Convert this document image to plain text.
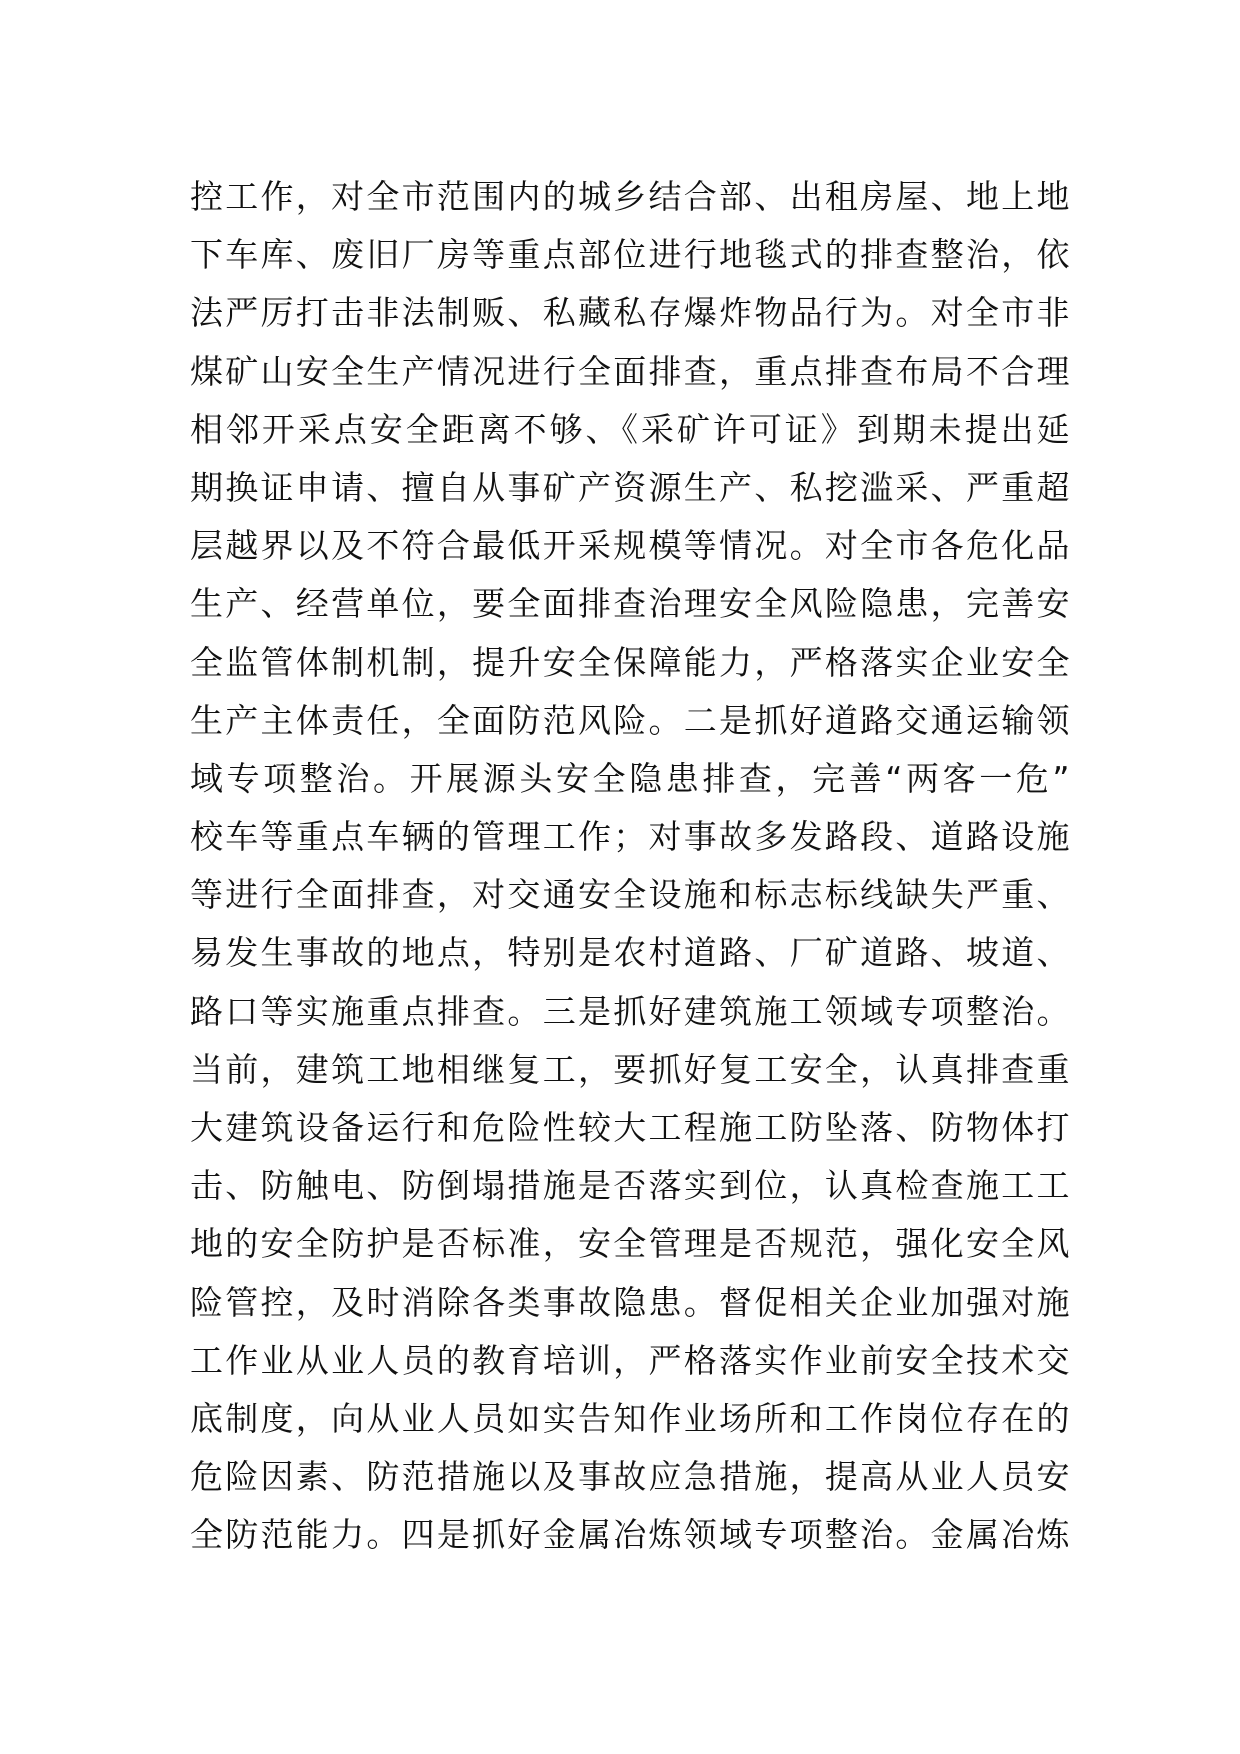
控工作，对全市范围内的城乡结合部、出租房屋、地上地
下车库、废旧厂房等重点部位进行地毯式的排查整治，依
法严厉打击非法制贩、私藏私存爆炸物品行为。对全市非
煤矿山安全生产情况进行全面排查，重点排查布局不合理
相邻开采点安全距离不够、《采矿许可证》到期未提出延
期换证申请、擅自从事矿产资源生产、私挖滥采、严重超
层越界以及不符合最低开采规模等情况。对全市各危化品
生产、经营单位，要全面排查治理安全风险隐患，完善安
全监管体制机制，提升安全保障能力，严格落实企业安全
生产主体责任，全面防范风险。二是抓好道路交通运输领
域专项整治。开展源头安全隐患排查，完善“两客一危”
校车等重点车辆的管理工作；对事故多发路段、道路设施
等进行全面排查，对交通安全设施和标志标线缺失严重、
易发生事故的地点，特别是农村道路、厂矿道路、坡道、
路口等实施重点排查。三是抓好建筑施工领域专项整治。
当前，建筑工地相继复工，要抓好复工安全，认真排查重
大建筑设备运行和危险性较大工程施工防坠落、防物体打
击、防触电、防倒塌措施是否落实到位，认真检查施工工
地的安全防护是否标准，安全管理是否规范，强化安全风
险管控，及时消除各类事故隐患。督促相关企业加强对施
工作业从业人员的教育培训，严格落实作业前安全技术交
底制度，向从业人员如实告知作业场所和工作岗位存在的
危险因素、防范措施以及事故应急措施，提高从业人员安
全防范能力。四是抓好金属冶炼领域专项整治。金属冶炼
